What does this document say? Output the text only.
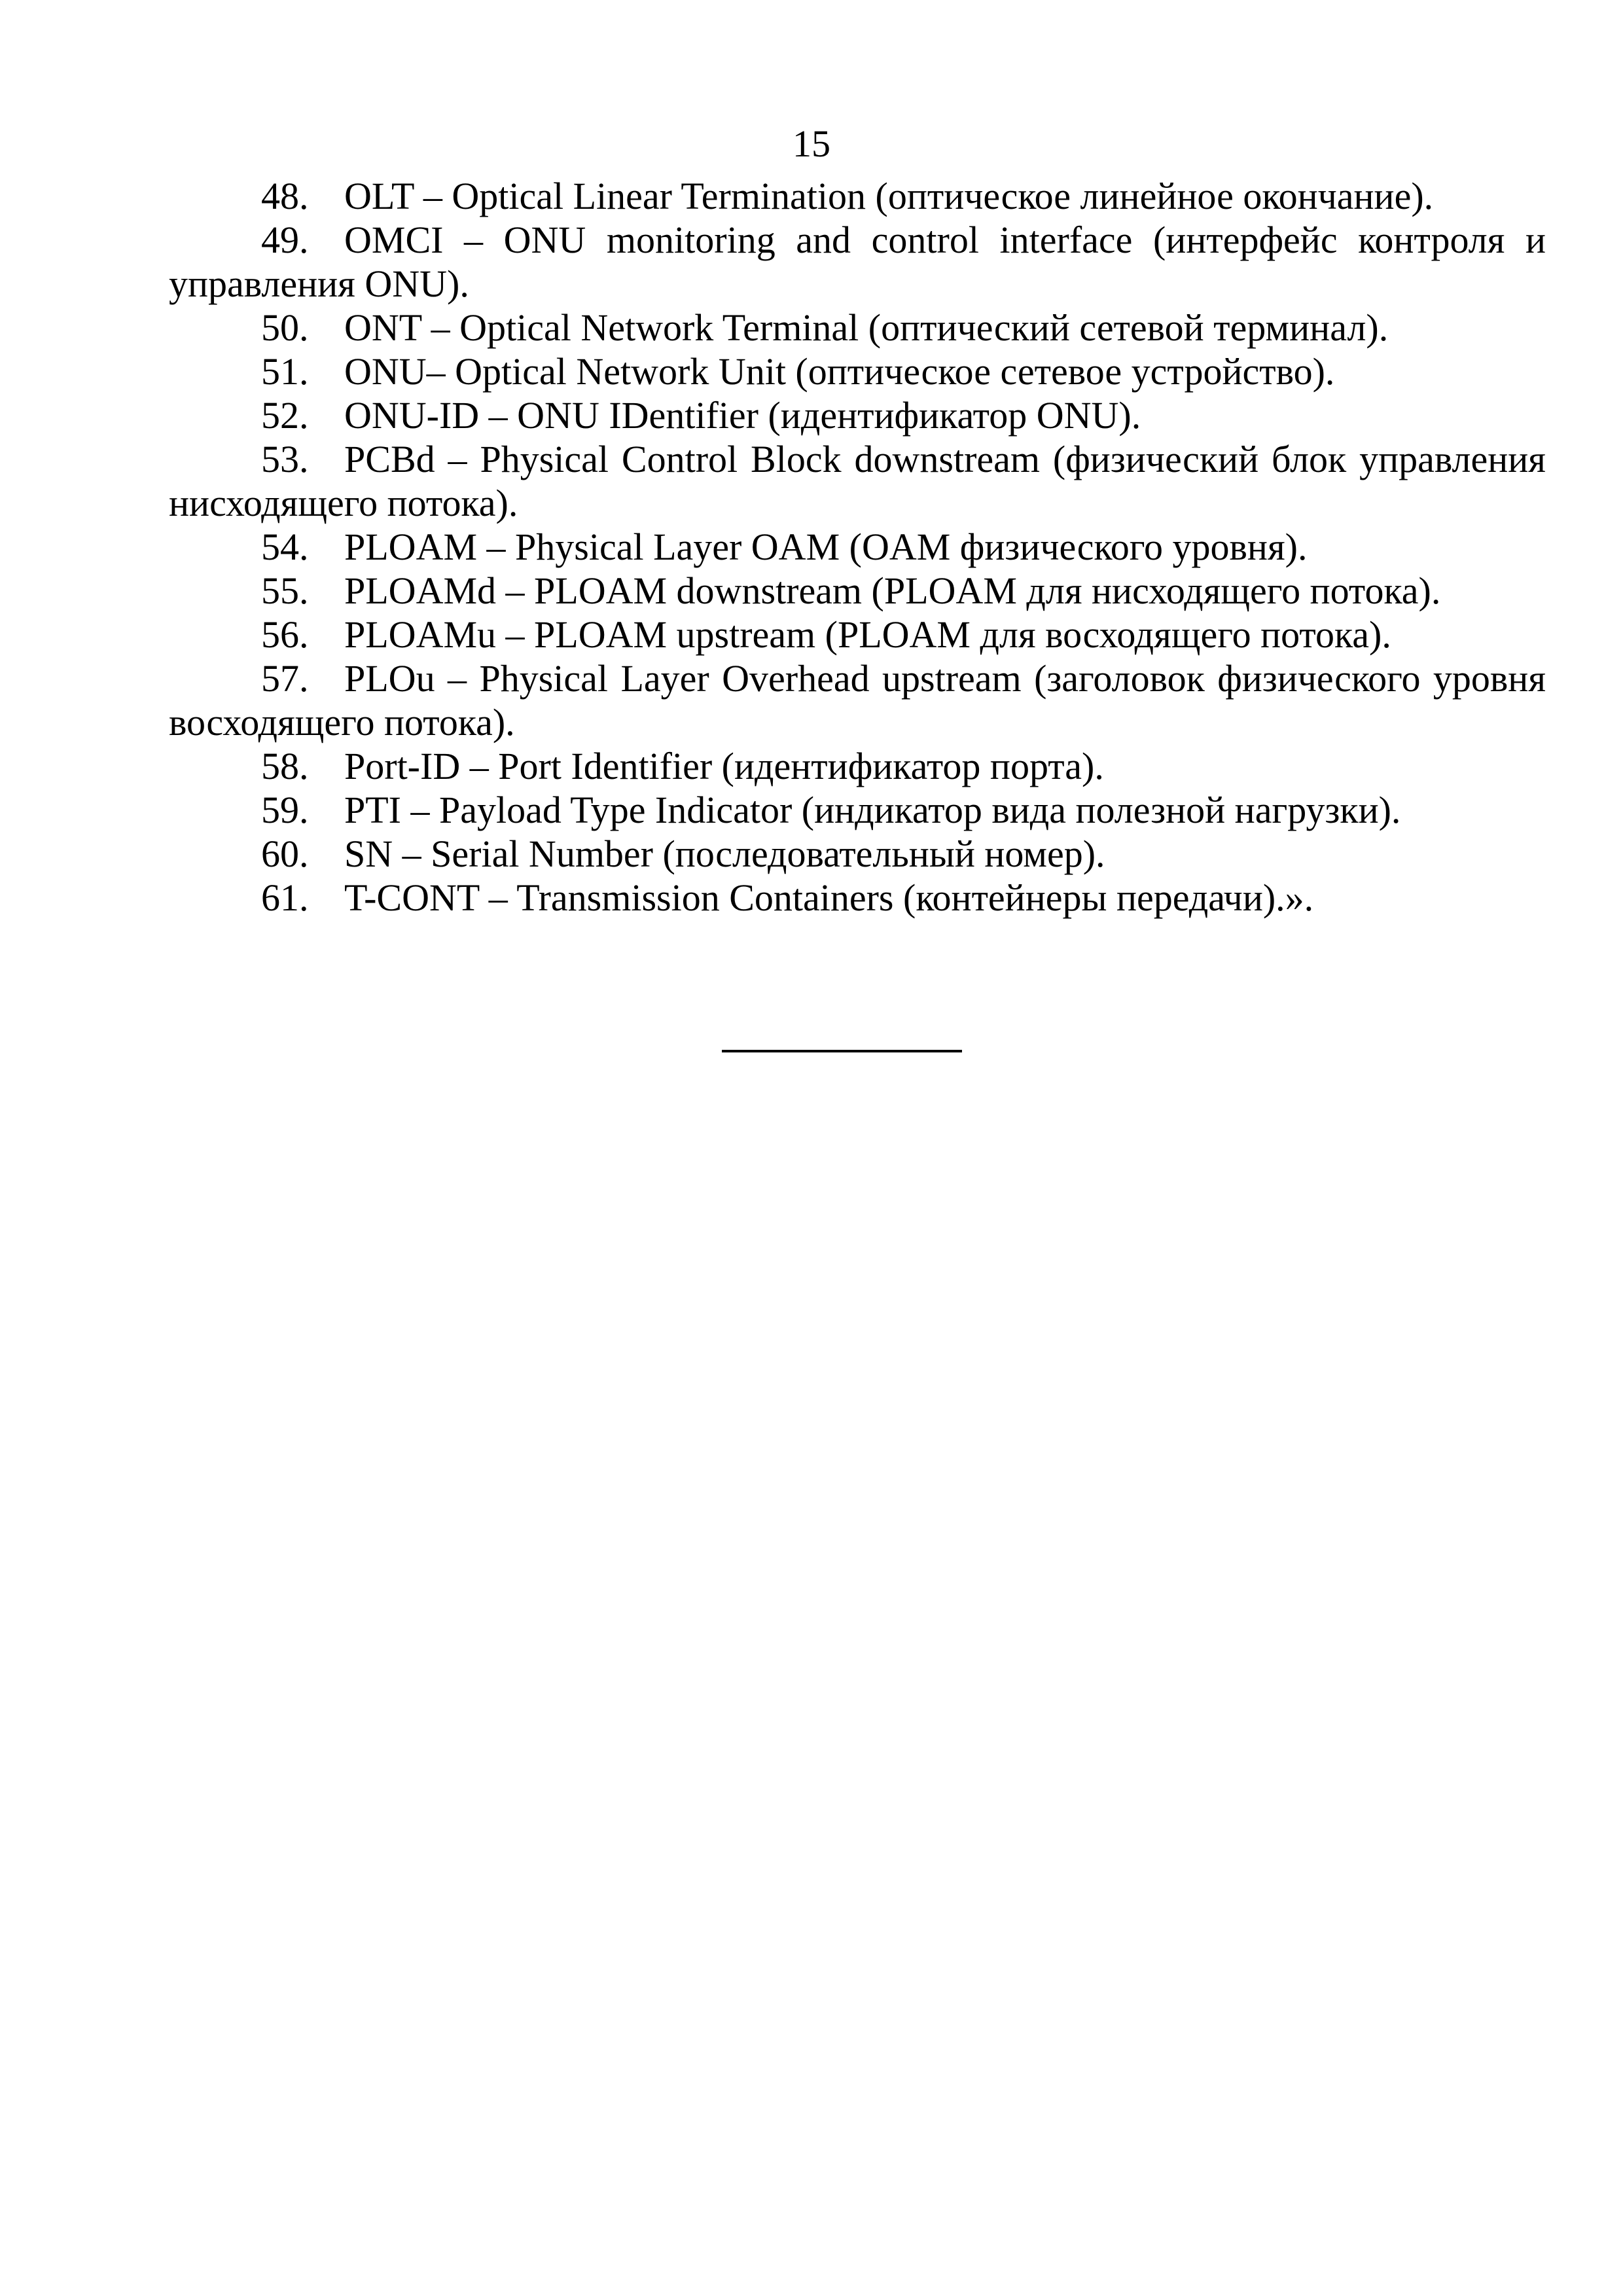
15
48. OLT – Optical Linear Termination (оптическое линейное окончание).
49. OMCI – ONU monitoring and control interface (интерфейс контроля и управления ONU).
50. ONT – Optical Network Terminal (оптический сетевой терминал).
51. ONU– Optical Network Unit (оптическое сетевое устройство).
52. ONU-ID – ONU IDentifier (идентификатор ONU).
53. PCBd – Physical Control Block downstream (физический блок управления нисходящего потока).
54. PLOAM – Physical Layer OAM (OAM физического уровня).
55. PLOAMd – PLOAM downstream (PLOAM для нисходящего потока).
56. PLOAMu – PLOAM upstream (PLOAM для восходящего потока).
57. PLOu – Physical Layer Overhead upstream (заголовок физического уровня восходящего потока).
58. Port-ID – Port Identifier (идентификатор порта).
59. PTI – Payload Type Indicator (индикатор вида полезной нагрузки).
60. SN – Serial Number (последовательный номер).
61. T-CONT – Transmission Containers (контейнеры передачи).».
